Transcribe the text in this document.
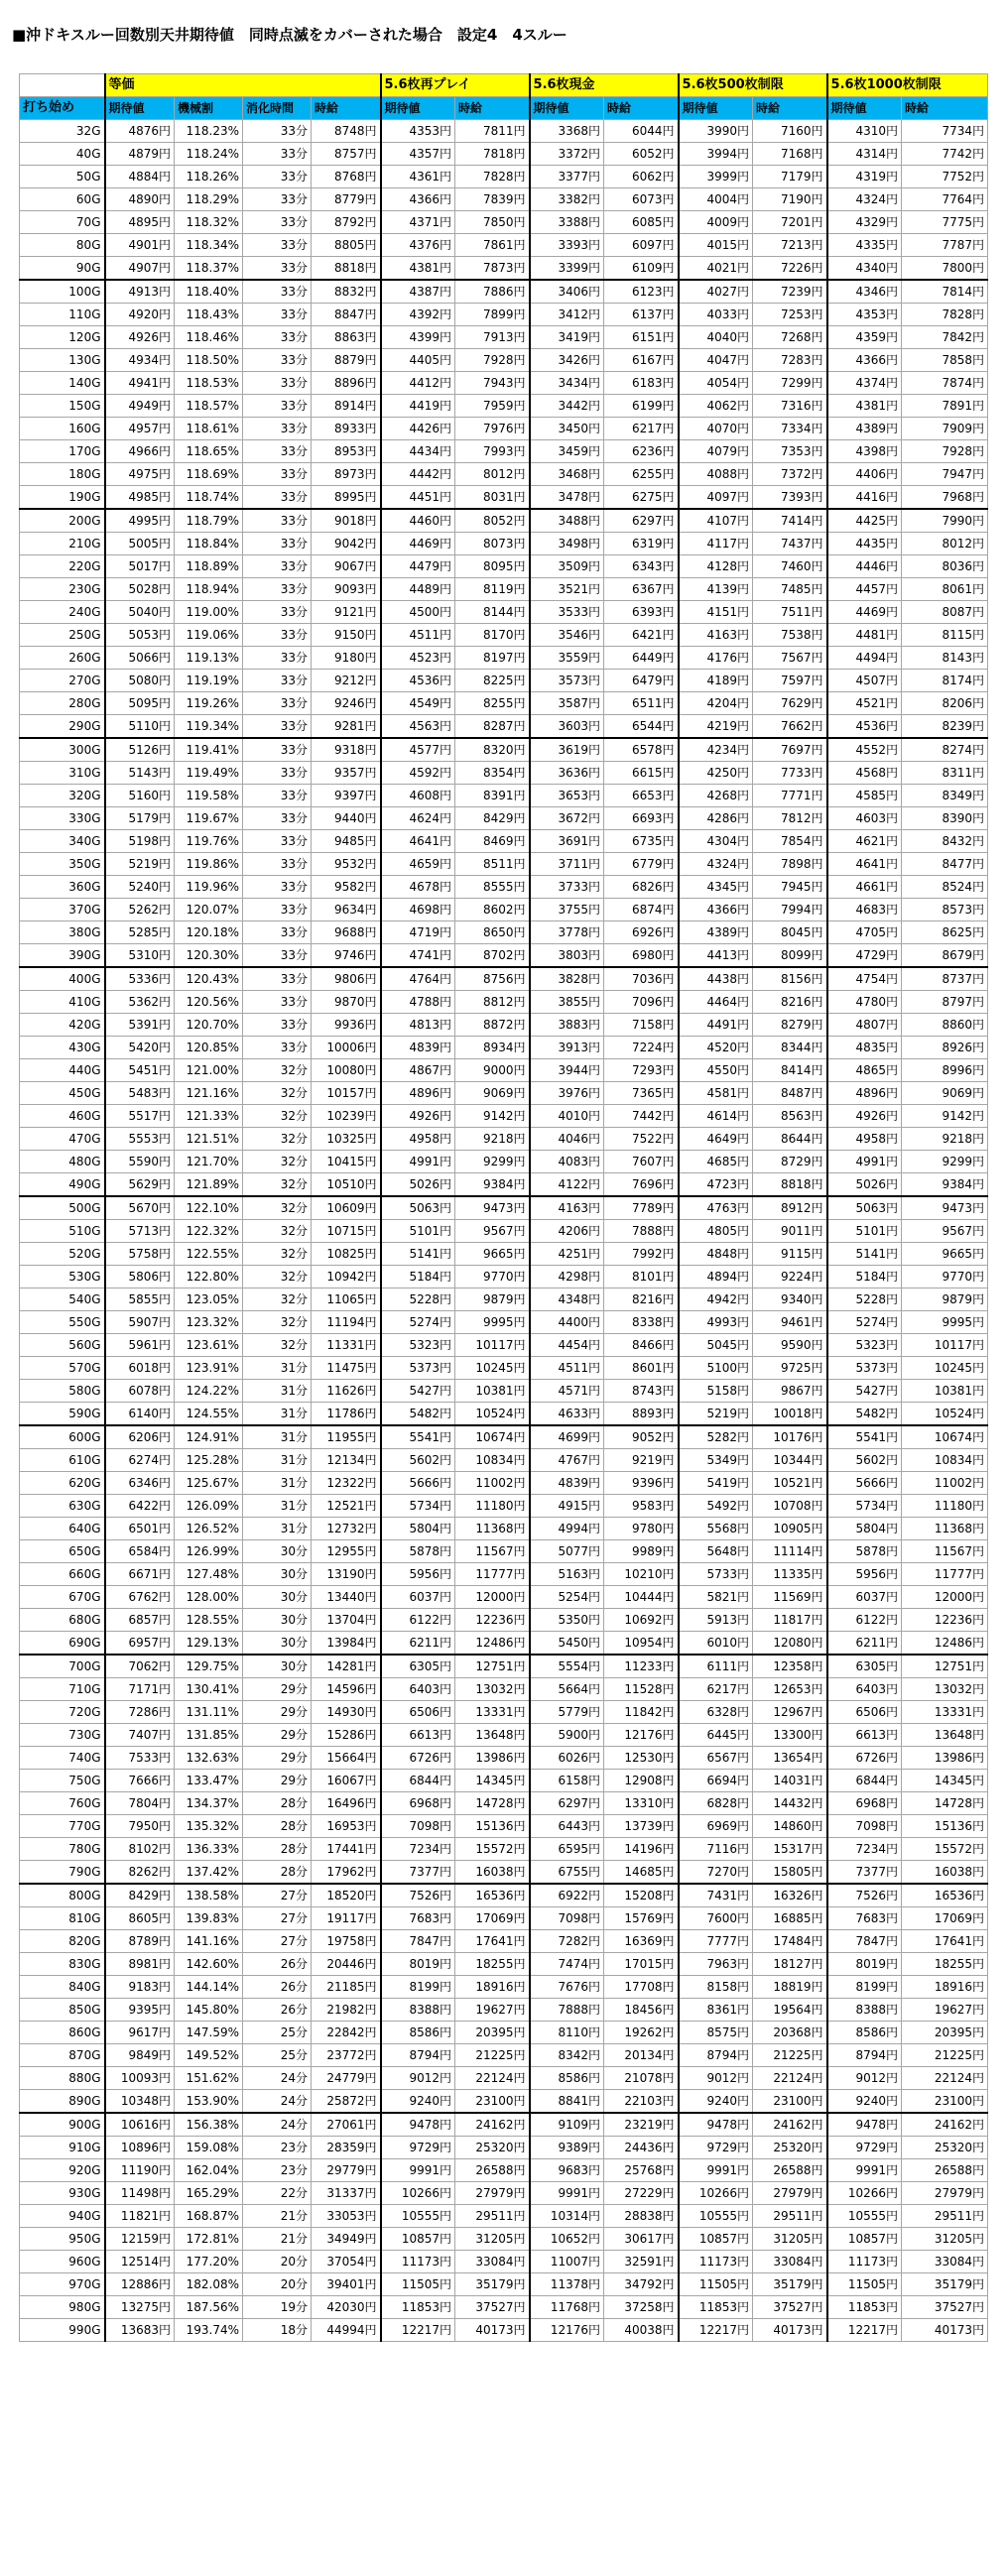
■沖ドキスルー回数別天井期待値　同時点滅をカバーされた場合　設定4　4スルー
	等価				5.6枚再プレイ		5.6枚現金		5.6枚500枚制限		5.6枚1000枚制限	
打ち始め	期待値	機械割	消化時間	時給	期待値	時給	期待値	時給	期待値	時給	期待値	時給
32G	4876円	118.23%	33分	8748円	4353円	7811円	3368円	6044円	3990円	7160円	4310円	7734円
40G	4879円	118.24%	33分	8757円	4357円	7818円	3372円	6052円	3994円	7168円	4314円	7742円
50G	4884円	118.26%	33分	8768円	4361円	7828円	3377円	6062円	3999円	7179円	4319円	7752円
60G	4890円	118.29%	33分	8779円	4366円	7839円	3382円	6073円	4004円	7190円	4324円	7764円
70G	4895円	118.32%	33分	8792円	4371円	7850円	3388円	6085円	4009円	7201円	4329円	7775円
80G	4901円	118.34%	33分	8805円	4376円	7861円	3393円	6097円	4015円	7213円	4335円	7787円
90G	4907円	118.37%	33分	8818円	4381円	7873円	3399円	6109円	4021円	7226円	4340円	7800円
100G	4913円	118.40%	33分	8832円	4387円	7886円	3406円	6123円	4027円	7239円	4346円	7814円
110G	4920円	118.43%	33分	8847円	4392円	7899円	3412円	6137円	4033円	7253円	4353円	7828円
120G	4926円	118.46%	33分	8863円	4399円	7913円	3419円	6151円	4040円	7268円	4359円	7842円
130G	4934円	118.50%	33分	8879円	4405円	7928円	3426円	6167円	4047円	7283円	4366円	7858円
140G	4941円	118.53%	33分	8896円	4412円	7943円	3434円	6183円	4054円	7299円	4374円	7874円
150G	4949円	118.57%	33分	8914円	4419円	7959円	3442円	6199円	4062円	7316円	4381円	7891円
160G	4957円	118.61%	33分	8933円	4426円	7976円	3450円	6217円	4070円	7334円	4389円	7909円
170G	4966円	118.65%	33分	8953円	4434円	7993円	3459円	6236円	4079円	7353円	4398円	7928円
180G	4975円	118.69%	33分	8973円	4442円	8012円	3468円	6255円	4088円	7372円	4406円	7947円
190G	4985円	118.74%	33分	8995円	4451円	8031円	3478円	6275円	4097円	7393円	4416円	7968円
200G	4995円	118.79%	33分	9018円	4460円	8052円	3488円	6297円	4107円	7414円	4425円	7990円
210G	5005円	118.84%	33分	9042円	4469円	8073円	3498円	6319円	4117円	7437円	4435円	8012円
220G	5017円	118.89%	33分	9067円	4479円	8095円	3509円	6343円	4128円	7460円	4446円	8036円
230G	5028円	118.94%	33分	9093円	4489円	8119円	3521円	6367円	4139円	7485円	4457円	8061円
240G	5040円	119.00%	33分	9121円	4500円	8144円	3533円	6393円	4151円	7511円	4469円	8087円
250G	5053円	119.06%	33分	9150円	4511円	8170円	3546円	6421円	4163円	7538円	4481円	8115円
260G	5066円	119.13%	33分	9180円	4523円	8197円	3559円	6449円	4176円	7567円	4494円	8143円
270G	5080円	119.19%	33分	9212円	4536円	8225円	3573円	6479円	4189円	7597円	4507円	8174円
280G	5095円	119.26%	33分	9246円	4549円	8255円	3587円	6511円	4204円	7629円	4521円	8206円
290G	5110円	119.34%	33分	9281円	4563円	8287円	3603円	6544円	4219円	7662円	4536円	8239円
300G	5126円	119.41%	33分	9318円	4577円	8320円	3619円	6578円	4234円	7697円	4552円	8274円
310G	5143円	119.49%	33分	9357円	4592円	8354円	3636円	6615円	4250円	7733円	4568円	8311円
320G	5160円	119.58%	33分	9397円	4608円	8391円	3653円	6653円	4268円	7771円	4585円	8349円
330G	5179円	119.67%	33分	9440円	4624円	8429円	3672円	6693円	4286円	7812円	4603円	8390円
340G	5198円	119.76%	33分	9485円	4641円	8469円	3691円	6735円	4304円	7854円	4621円	8432円
350G	5219円	119.86%	33分	9532円	4659円	8511円	3711円	6779円	4324円	7898円	4641円	8477円
360G	5240円	119.96%	33分	9582円	4678円	8555円	3733円	6826円	4345円	7945円	4661円	8524円
370G	5262円	120.07%	33分	9634円	4698円	8602円	3755円	6874円	4366円	7994円	4683円	8573円
380G	5285円	120.18%	33分	9688円	4719円	8650円	3778円	6926円	4389円	8045円	4705円	8625円
390G	5310円	120.30%	33分	9746円	4741円	8702円	3803円	6980円	4413円	8099円	4729円	8679円
400G	5336円	120.43%	33分	9806円	4764円	8756円	3828円	7036円	4438円	8156円	4754円	8737円
410G	5362円	120.56%	33分	9870円	4788円	8812円	3855円	7096円	4464円	8216円	4780円	8797円
420G	5391円	120.70%	33分	9936円	4813円	8872円	3883円	7158円	4491円	8279円	4807円	8860円
430G	5420円	120.85%	33分	10006円	4839円	8934円	3913円	7224円	4520円	8344円	4835円	8926円
440G	5451円	121.00%	32分	10080円	4867円	9000円	3944円	7293円	4550円	8414円	4865円	8996円
450G	5483円	121.16%	32分	10157円	4896円	9069円	3976円	7365円	4581円	8487円	4896円	9069円
460G	5517円	121.33%	32分	10239円	4926円	9142円	4010円	7442円	4614円	8563円	4926円	9142円
470G	5553円	121.51%	32分	10325円	4958円	9218円	4046円	7522円	4649円	8644円	4958円	9218円
480G	5590円	121.70%	32分	10415円	4991円	9299円	4083円	7607円	4685円	8729円	4991円	9299円
490G	5629円	121.89%	32分	10510円	5026円	9384円	4122円	7696円	4723円	8818円	5026円	9384円
500G	5670円	122.10%	32分	10609円	5063円	9473円	4163円	7789円	4763円	8912円	5063円	9473円
510G	5713円	122.32%	32分	10715円	5101円	9567円	4206円	7888円	4805円	9011円	5101円	9567円
520G	5758円	122.55%	32分	10825円	5141円	9665円	4251円	7992円	4848円	9115円	5141円	9665円
530G	5806円	122.80%	32分	10942円	5184円	9770円	4298円	8101円	4894円	9224円	5184円	9770円
540G	5855円	123.05%	32分	11065円	5228円	9879円	4348円	8216円	4942円	9340円	5228円	9879円
550G	5907円	123.32%	32分	11194円	5274円	9995円	4400円	8338円	4993円	9461円	5274円	9995円
560G	5961円	123.61%	32分	11331円	5323円	10117円	4454円	8466円	5045円	9590円	5323円	10117円
570G	6018円	123.91%	31分	11475円	5373円	10245円	4511円	8601円	5100円	9725円	5373円	10245円
580G	6078円	124.22%	31分	11626円	5427円	10381円	4571円	8743円	5158円	9867円	5427円	10381円
590G	6140円	124.55%	31分	11786円	5482円	10524円	4633円	8893円	5219円	10018円	5482円	10524円
600G	6206円	124.91%	31分	11955円	5541円	10674円	4699円	9052円	5282円	10176円	5541円	10674円
610G	6274円	125.28%	31分	12134円	5602円	10834円	4767円	9219円	5349円	10344円	5602円	10834円
620G	6346円	125.67%	31分	12322円	5666円	11002円	4839円	9396円	5419円	10521円	5666円	11002円
630G	6422円	126.09%	31分	12521円	5734円	11180円	4915円	9583円	5492円	10708円	5734円	11180円
640G	6501円	126.52%	31分	12732円	5804円	11368円	4994円	9780円	5568円	10905円	5804円	11368円
650G	6584円	126.99%	30分	12955円	5878円	11567円	5077円	9989円	5648円	11114円	5878円	11567円
660G	6671円	127.48%	30分	13190円	5956円	11777円	5163円	10210円	5733円	11335円	5956円	11777円
670G	6762円	128.00%	30分	13440円	6037円	12000円	5254円	10444円	5821円	11569円	6037円	12000円
680G	6857円	128.55%	30分	13704円	6122円	12236円	5350円	10692円	5913円	11817円	6122円	12236円
690G	6957円	129.13%	30分	13984円	6211円	12486円	5450円	10954円	6010円	12080円	6211円	12486円
700G	7062円	129.75%	30分	14281円	6305円	12751円	5554円	11233円	6111円	12358円	6305円	12751円
710G	7171円	130.41%	29分	14596円	6403円	13032円	5664円	11528円	6217円	12653円	6403円	13032円
720G	7286円	131.11%	29分	14930円	6506円	13331円	5779円	11842円	6328円	12967円	6506円	13331円
730G	7407円	131.85%	29分	15286円	6613円	13648円	5900円	12176円	6445円	13300円	6613円	13648円
740G	7533円	132.63%	29分	15664円	6726円	13986円	6026円	12530円	6567円	13654円	6726円	13986円
750G	7666円	133.47%	29分	16067円	6844円	14345円	6158円	12908円	6694円	14031円	6844円	14345円
760G	7804円	134.37%	28分	16496円	6968円	14728円	6297円	13310円	6828円	14432円	6968円	14728円
770G	7950円	135.32%	28分	16953円	7098円	15136円	6443円	13739円	6969円	14860円	7098円	15136円
780G	8102円	136.33%	28分	17441円	7234円	15572円	6595円	14196円	7116円	15317円	7234円	15572円
790G	8262円	137.42%	28分	17962円	7377円	16038円	6755円	14685円	7270円	15805円	7377円	16038円
800G	8429円	138.58%	27分	18520円	7526円	16536円	6922円	15208円	7431円	16326円	7526円	16536円
810G	8605円	139.83%	27分	19117円	7683円	17069円	7098円	15769円	7600円	16885円	7683円	17069円
820G	8789円	141.16%	27分	19758円	7847円	17641円	7282円	16369円	7777円	17484円	7847円	17641円
830G	8981円	142.60%	26分	20446円	8019円	18255円	7474円	17015円	7963円	18127円	8019円	18255円
840G	9183円	144.14%	26分	21185円	8199円	18916円	7676円	17708円	8158円	18819円	8199円	18916円
850G	9395円	145.80%	26分	21982円	8388円	19627円	7888円	18456円	8361円	19564円	8388円	19627円
860G	9617円	147.59%	25分	22842円	8586円	20395円	8110円	19262円	8575円	20368円	8586円	20395円
870G	9849円	149.52%	25分	23772円	8794円	21225円	8342円	20134円	8794円	21225円	8794円	21225円
880G	10093円	151.62%	24分	24779円	9012円	22124円	8586円	21078円	9012円	22124円	9012円	22124円
890G	10348円	153.90%	24分	25872円	9240円	23100円	8841円	22103円	9240円	23100円	9240円	23100円
900G	10616円	156.38%	24分	27061円	9478円	24162円	9109円	23219円	9478円	24162円	9478円	24162円
910G	10896円	159.08%	23分	28359円	9729円	25320円	9389円	24436円	9729円	25320円	9729円	25320円
920G	11190円	162.04%	23分	29779円	9991円	26588円	9683円	25768円	9991円	26588円	9991円	26588円
930G	11498円	165.29%	22分	31337円	10266円	27979円	9991円	27229円	10266円	27979円	10266円	27979円
940G	11821円	168.87%	21分	33053円	10555円	29511円	10314円	28838円	10555円	29511円	10555円	29511円
950G	12159円	172.81%	21分	34949円	10857円	31205円	10652円	30617円	10857円	31205円	10857円	31205円
960G	12514円	177.20%	20分	37054円	11173円	33084円	11007円	32591円	11173円	33084円	11173円	33084円
970G	12886円	182.08%	20分	39401円	11505円	35179円	11378円	34792円	11505円	35179円	11505円	35179円
980G	13275円	187.56%	19分	42030円	11853円	37527円	11768円	37258円	11853円	37527円	11853円	37527円
990G	13683円	193.74%	18分	44994円	12217円	40173円	12176円	40038円	12217円	40173円	12217円	40173円
